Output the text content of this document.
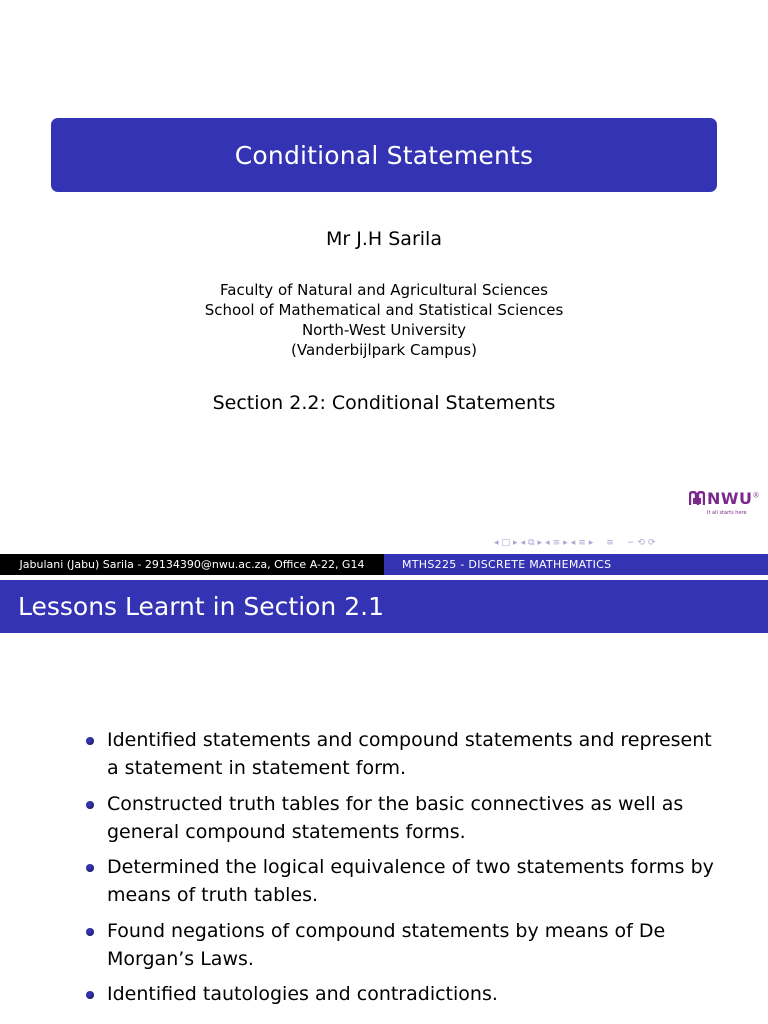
Conditional Statements
Mr J.H Sarila
Faculty of Natural and Agricultural Sciences
School of Mathematical and Statistical Sciences
North-West University
(Vanderbijlpark Campus)
Section 2.2: Conditional Statements
NWU®
It all starts here
◂ □ ▸ ◂ ⧉ ▸ ◂ ≡ ▸ ◂ ≡ ▸ ≡ ∽ ⟲ ⟳
Jabulani (Jabu) Sarila - 29134390@nwu.ac.za, Office A-22, G14	MTHS225 - DISCRETE MATHEMATICS
Lessons Learnt in Section 2.1
Identified statements and compound statements and represent a statement in statement form.
Constructed truth tables for the basic connectives as well as general compound statements forms.
Determined the logical equivalence of two statements forms by means of truth tables.
Found negations of compound statements by means of De Morgan’s Laws.
Identified tautologies and contradictions.
